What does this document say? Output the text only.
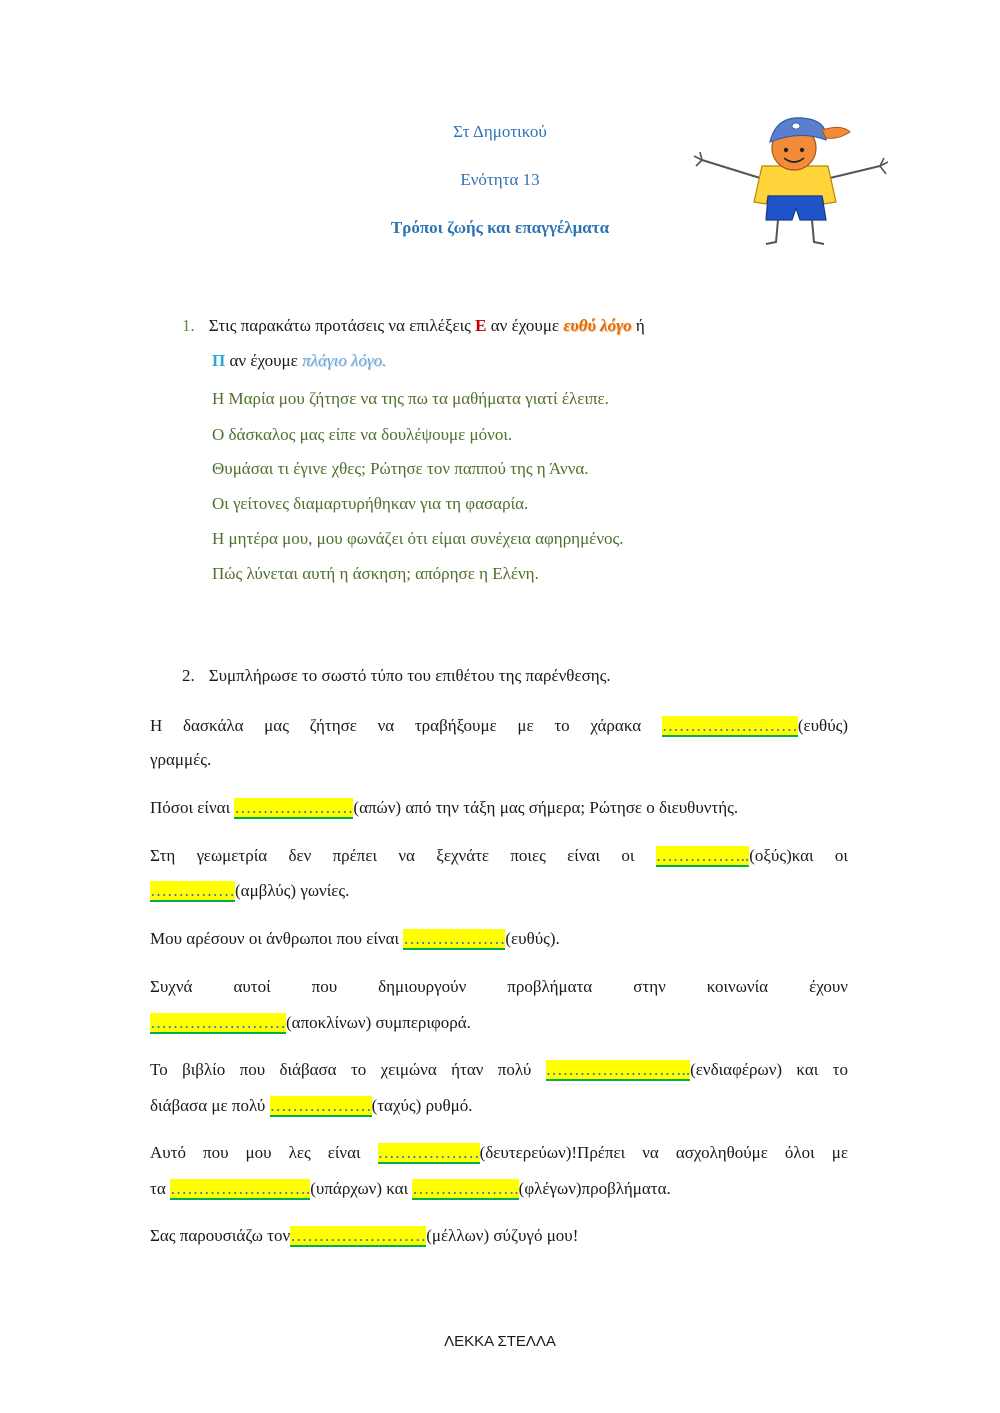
Στ Δημοτικού
Ενότητα 13
Τρόποι ζωής και επαγγέλματα
1. Στις παρακάτω προτάσεις να επιλέξεις Ε αν έχουμε ευθύ λόγο ή
Π αν έχουμε πλάγιο λόγο.
Η Μαρία μου ζήτησε να της πω τα μαθήματα γιατί έλειπε.
Ο δάσκαλος μας είπε να δουλέψουμε μόνοι.
Θυμάσαι τι έγινε χθες; Ρώτησε τον παππού της η Άννα.
Οι γείτονες διαμαρτυρήθηκαν για τη φασαρία.
Η μητέρα μου, μου φωνάζει ότι είμαι συνέχεια αφηρημένος.
Πώς λύνεται αυτή η άσκηση; απόρησε η Ελένη.
2. Συμπλήρωσε το σωστό τύπο του επιθέτου της παρένθεσης.
Η δασκάλα μας ζήτησε να τραβήξουμε με το χάρακα ……………………(ευθύς)
γραμμές.
Πόσοι είναι …………………(απών) από την τάξη μας σήμερα; Ρώτησε ο διευθυντής.
Στη γεωμετρία δεν πρέπει να ξεχνάτε ποιες είναι οι ……………..(οξύς)και οι
……………(αμβλύς) γωνίες.
Μου αρέσουν οι άνθρωποι που είναι ………………(ευθύς).
Συχνά αυτοί που δημιουργούν προβλήματα στην κοινωνία έχουν
……………………(αποκλίνων) συμπεριφορά.
Το βιβλίο που διάβασα το χειμώνα ήταν πολύ ……………………..(ενδιαφέρων) και το
διάβασα με πολύ ………………(ταχύς) ρυθμό.
Αυτό που μου λες είναι ………………(δευτερεύων)!Πρέπει να ασχοληθούμε όλοι με
τα …………………….(υπάρχων) και ……………….(φλέγων)προβλήματα.
Σας παρουσιάζω τον……………………(μέλλων) σύζυγό μου!
ΛΕΚΚΑ ΣΤΕΛΛΑ
